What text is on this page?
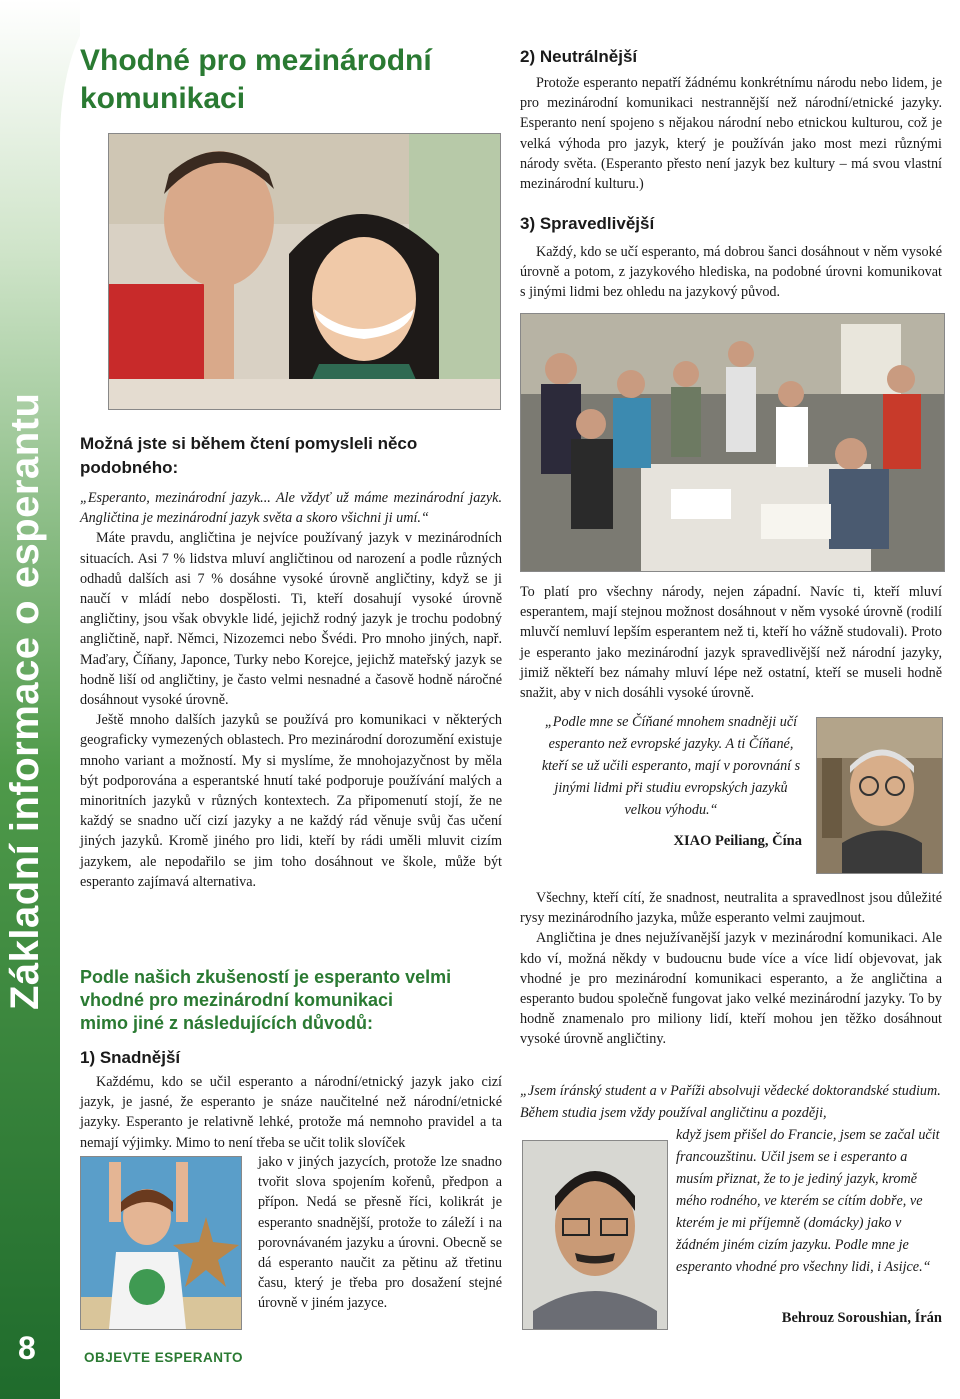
Základní informace o esperantu
8	OBJEVTE ESPERANTO
Vhodné pro mezinárodní
komunikaci
2) Neutrálnější

Protože esperanto nepatří žádnému konkrétnímu národu nebo lidem, je pro mezinárodní komunikaci nestrannější než národní/etnické jazyky. Esperanto není spojeno s nějakou národní nebo etnickou kulturou, což je velká výhoda pro jazyk, který je používán jako most mezi různými národy světa. (Esperanto přesto není jazyk bez kultury – má svou vlastní mezinárodní kulturu.)

3) Spravedlivější

Každý, kdo se učí esperanto, má dobrou šanci dosáhnout v něm vysoké úrovně a potom, z jazykového hlediska, na podobné úrovni komunikovat s jinými lidmi bez ohledu na jazykový původ.

Možná jste si během čtení pomysleli něco podobného:

„Esperanto, mezinárodní jazyk... Ale vždyť už máme mezinárodní jazyk. Angličtina je mezinárodní jazyk světa a skoro všichni ji umí.“

Máte pravdu, angličtina je nejvíce používaný jazyk v mezinárodních situacích. Asi 7 % lidstva mluví angličtinou od narození a podle různých odhadů dalších asi 7 % dosáhne vysoké úrovně angličtiny, když se ji naučí v mládí nebo dospělosti. Ti, kteří dosahují vysoké úrovně angličtiny, jsou však obvykle lidé, jejichž rodný jazyk je trochu podobný angličtině, např. Němci, Nizozemci nebo Švédi. Pro mnoho jiných, např. Maďary, Číňany, Japonce, Turky nebo Korejce, jejichž mateřský jazyk se hodně liší od angličtiny, je často velmi nesnadné a časově hodně náročné dosáhnout vysoké úrovně.

Ještě mnoho dalších jazyků se používá pro komunikaci v některých geograficky vymezených oblastech. Pro mezinárodní dorozumění existuje mnoho variant a možností. My si myslíme, že mnohojazyčnost by měla být podporována a esperantské hnutí také podporuje používání malých a minoritních jazyků v různých kontextech. Za připomenutí stojí, že ne každý se snadno učí cizí jazyky a ne každý rád věnuje svůj čas učení jiných jazyků. Kromě jiného pro lidi, kteří by rádi uměli mluvit cizím jazykem, ale nepodařilo se jim toho dosáhnout ve škole, může být esperanto zajímavá alternativa.

Podle našich zkušeností je esperanto velmi
vhodné pro mezinárodní komunikaci
mimo jiné z následujících důvodů:
1) Snadnější

Každému, kdo se učil esperanto a národní/etnický jazyk jako cizí jazyk, je jasné, že esperanto je snáze naučitelné než národní/etnické jazyky. Esperanto je relativně lehké, protože má nemnoho pravidel a ta nemají výjimky. Mimo to není třeba se učit tolik slovíček

jako v jiných jazycích, protože lze snadno tvořit slova spojením kořenů, předpon a přípon. Nedá se přesně říci, kolikrát je esperanto snadnější, protože to záleží i na porovnávaném jazyku a úrovni. Obecně se dá esperanto naučit za pětinu až třetinu času, který je třeba pro dosažení stejné úrovně v jiném jazyce.

To platí pro všechny národy, nejen západní. Navíc ti, kteří mluví esperantem, mají stejnou možnost dosáhnout v něm vysoké úrovně (rodilí mluvčí nemluví lepším esperantem než ti, kteří ho vážně studovali). Proto je esperanto jako mezinárodní jazyk spravedlivější než národní jazyky, jimiž někteří bez námahy mluví lépe než ostatní, kteří se museli hodně snažit, aby v nich dosáhli vysoké úrovně.

„Podle mne se Číňané mnohem snadněji učí esperanto než evropské jazyky. A ti Číňané, kteří se už učili esperanto, mají v porovnání s jinými lidmi při studiu evropských jazyků velkou výhodu.“
XIAO Peiliang, Čína

Všechny, kteří cítí, že snadnost, neutralita a spravedlnost jsou důležité rysy mezinárodního jazyka, může esperanto velmi zaujmout.

Angličtina je dnes nejužívanější jazyk v mezinárodní komunikaci. Ale kdo ví, možná někdy v budoucnu bude více a více lidí objevovat, jak vhodné je pro mezinárodní komunikaci esperanto, a že angličtina a esperanto budou společně fungovat jako velké mezinárodní jazyky. To by hodně znamenalo pro miliony lidí, kteří mohou jen těžko dosáhnout vysoké úrovně angličtiny.

„Jsem íránský student a v Paříži absolvuji vědecké doktorandské studium. Během studia jsem vždy používal angličtinu a později,
když jsem přišel do Francie, jsem se začal učit francouzštinu. Učil jsem se i esperanto a musím přiznat, že to je jediný jazyk, kromě mého rodného, ve kterém se cítím dobře, ve kterém je mi příjemně (domácky) jako v žádném jiném cizím jazyku. Podle mne je esperanto vhodné pro všechny lidi, i Asijce.“
Behrouz Soroushian, Írán
